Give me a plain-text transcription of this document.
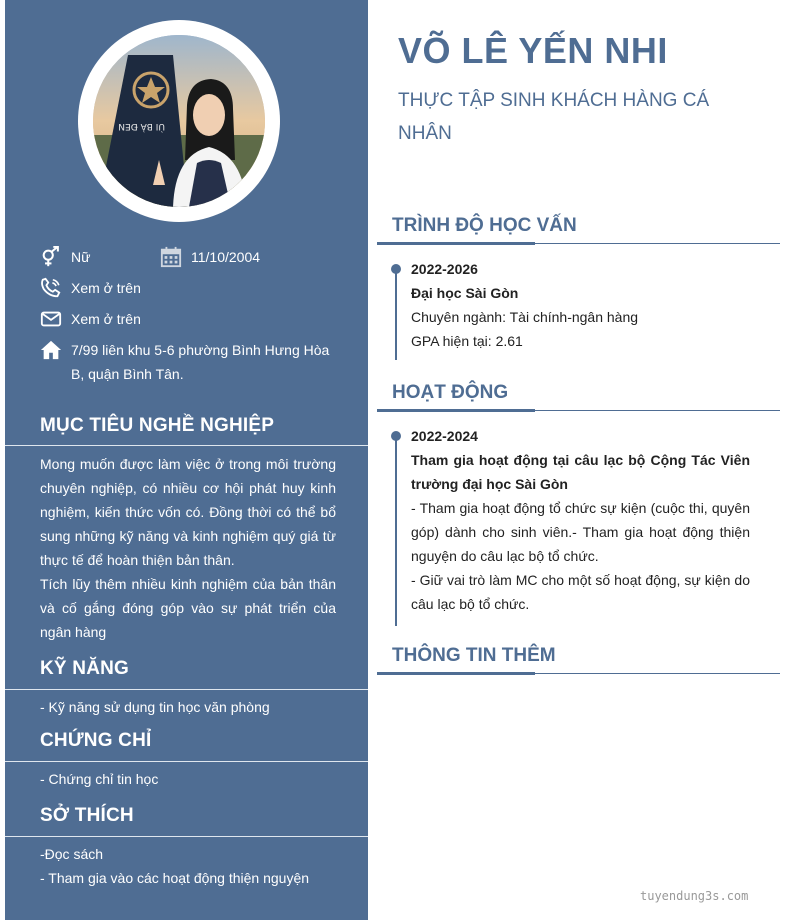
ÙI BÀ ĐEN
Nữ	11/10/2004
Xem ở trên
Xem ở trên
7/99 liên khu 5-6 phường Bình Hưng Hòa B, quận Bình Tân.
MỤC TIÊU NGHỀ NGHIỆP

Mong muốn được làm việc ở trong môi trường chuyên nghiệp, có nhiều cơ hội phát huy kinh nghiệm, kiến thức vốn có. Đồng thời có thể bổ sung những kỹ năng và kinh nghiệm quý giá từ thực tế để hoàn thiện bản thân.

Tích lũy thêm nhiều kinh nghiệm của bản thân và cố gắng đóng góp vào sự phát triển của ngân hàng

KỸ NĂNG

- Kỹ năng sử dụng tin học văn phòng

CHỨNG CHỈ

- Chứng chỉ tin học

SỞ THÍCH

-Đọc sách

- Tham gia vào các hoạt động thiện nguyện

VÕ LÊ YẾN NHI
THỰC TẬP SINH KHÁCH HÀNG CÁ NHÂN
TRÌNH ĐỘ HỌC VẤN
2022-2026
Đại học Sài Gòn
Chuyên ngành: Tài chính-ngân hàng
GPA hiện tại: 2.61
HOẠT ĐỘNG
2022-2024
Tham gia hoạt động tại câu lạc bộ Cộng Tác Viên trường đại học Sài Gòn
- Tham gia hoạt động tổ chức sự kiện (cuộc thi, quyên góp) dành cho sinh viên.- Tham gia hoạt động thiện nguyện do câu lạc bộ tổ chức.
- Giữ vai trò làm MC cho một số hoạt động, sự kiện do câu lạc bộ tổ chức.
THÔNG TIN THÊM
tuyendung3s.com
